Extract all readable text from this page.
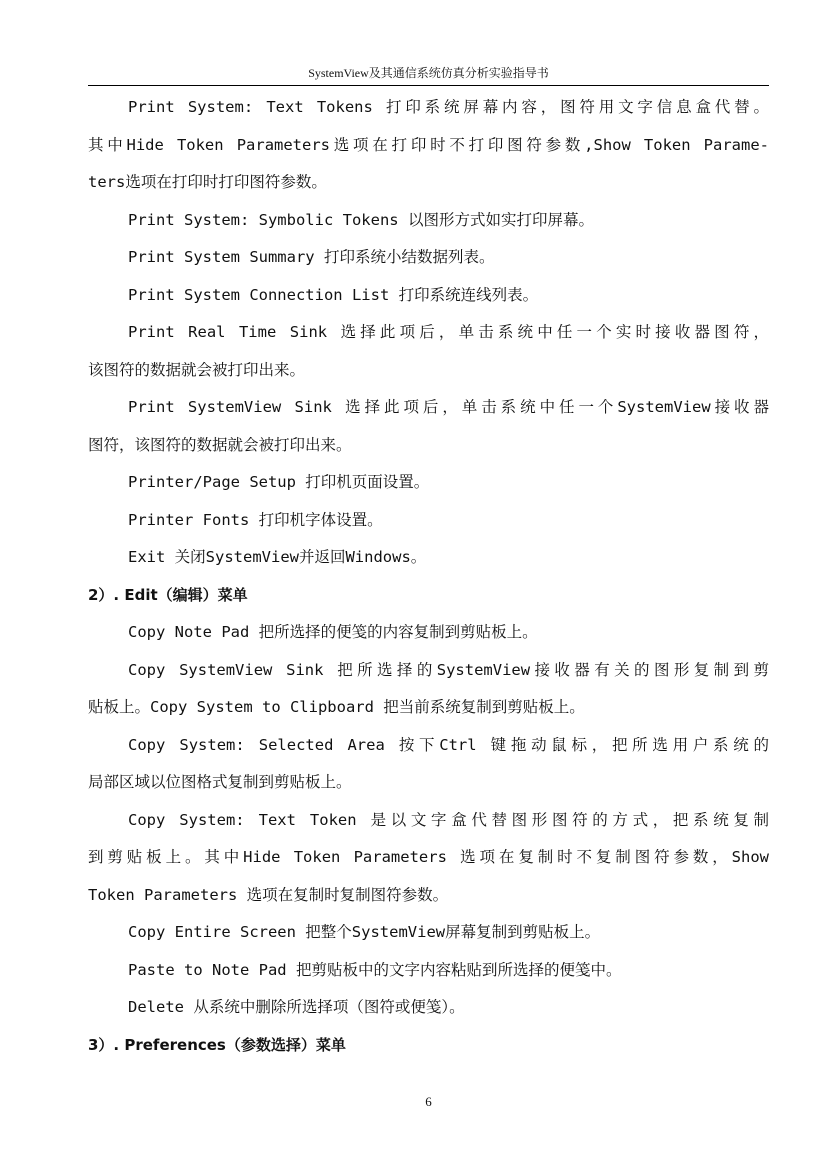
SystemView及其通信系统仿真分析实验指导书
Print System: Text Tokens 打印系统屏幕内容，图符用文字信息盒代替。
其中Hide Token Parameters选项在打印时不打印图符参数,Show Token Parame-
ters选项在打印时打印图符参数。
Print System: Symbolic Tokens 以图形方式如实打印屏幕。
Print System Summary 打印系统小结数据列表。
Print System Connection List 打印系统连线列表。
Print Real Time Sink 选择此项后，单击系统中任一个实时接收器图符，
该图符的数据就会被打印出来。
Print SystemView Sink 选择此项后，单击系统中任一个SystemView接收器
图符，该图符的数据就会被打印出来。
Printer/Page Setup 打印机页面设置。
Printer Fonts 打印机字体设置。
Exit 关闭SystemView并返回Windows。
2）. Edit（编辑）菜单
Copy Note Pad 把所选择的便笺的内容复制到剪贴板上。
Copy SystemView Sink 把所选择的SystemView接收器有关的图形复制到剪
贴板上。Copy System to Clipboard 把当前系统复制到剪贴板上。
Copy System: Selected Area 按下Ctrl 键拖动鼠标，把所选用户系统的
局部区域以位图格式复制到剪贴板上。
Copy System: Text Token 是以文字盒代替图形图符的方式，把系统复制
到剪贴板上。其中Hide Token Parameters 选项在复制时不复制图符参数，Show
Token Parameters 选项在复制时复制图符参数。
Copy Entire Screen 把整个SystemView屏幕复制到剪贴板上。
Paste to Note Pad 把剪贴板中的文字内容粘贴到所选择的便笺中。
Delete 从系统中删除所选择项（图符或便笺）。
3）. Preferences（参数选择）菜单
6
